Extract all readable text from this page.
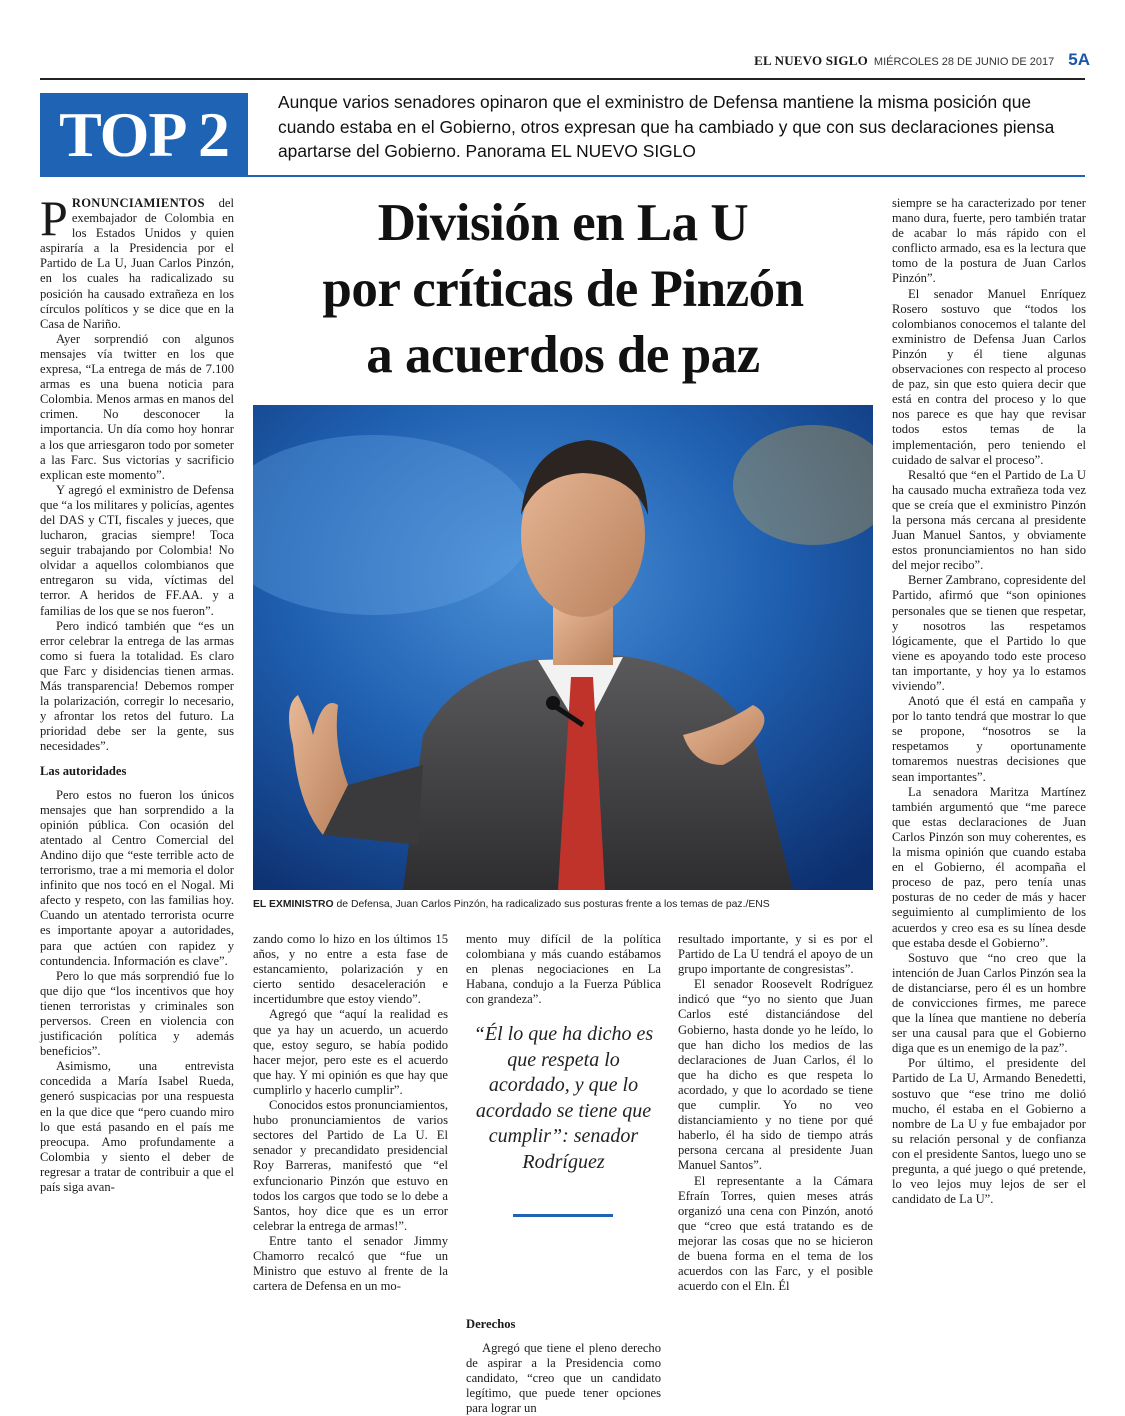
EL NUEVO SIGLO MIÉRCOLES 28 DE JUNIO DE 2017 5A
TOP 2	Aunque varios senadores opinaron que el exministro de Defensa mantiene la misma posición que cuando estaba en el Gobierno, otros expresan que ha cambiado y que con sus declaraciones piensa apartarse del Gobierno. Panorama EL NUEVO SIGLO

PRONUNCIAMIENTOS del exembajador de Colombia en los Estados Unidos y quien aspiraría a la Presidencia por el Partido de La U, Juan Carlos Pinzón, en los cuales ha radicalizado su posición ha causado extrañeza en los círculos políticos y se dice que en la Casa de Nariño.

Ayer sorprendió con algunos mensajes vía twitter en los que expresa, “La entrega de más de 7.100 armas es una buena noticia para Colombia. Menos armas en manos del crimen. No desconocer la importancia. Un día como hoy honrar a los que arriesgaron todo por someter a las Farc. Sus victorias y sacrificio explican este momento”.

Y agregó el exministro de Defensa que “a los militares y policías, agentes del DAS y CTI, fiscales y jueces, que lucharon, gracias siempre! Toca seguir trabajando por Colombia! No olvidar a aquellos colombianos que entregaron su vida, víctimas del terror. A heridos de FF.AA. y a familias de los que se nos fueron”.

Pero indicó también que “es un error celebrar la entrega de las armas como si fuera la totalidad. Es claro que Farc y disidencias tienen armas. Más transparencia! Debemos romper la polarización, corregir lo necesario, y afrontar los retos del futuro. La prioridad debe ser la gente, sus necesidades”.

Las autoridades

Pero estos no fueron los únicos mensajes que han sorprendido a la opinión pública. Con ocasión del atentado al Centro Comercial del Andino dijo que “este terrible acto de terrorismo, trae a mi memoria el dolor infinito que nos tocó en el Nogal. Mi afecto y respeto, con las familias hoy. Cuando un atentado terrorista ocurre es importante apoyar a autoridades, para que actúen con rapidez y contundencia. Información es clave”.

Pero lo que más sorprendió fue lo que dijo que “los incentivos que hoy tienen terroristas y criminales son perversos. Creen en violencia con justificación política y además beneficios”.

Asimismo, una entrevista concedida a María Isabel Rueda, generó suspicacias por una respuesta en la que dice que “pero cuando miro lo que está pasando en el país me preocupa. Amo profundamente a Colombia y siento el deber de regresar a tratar de contribuir a que el país siga avan-

División en La U
por críticas de Pinzón
a acuerdos de paz
EL EXMINISTRO de Defensa, Juan Carlos Pinzón, ha radicalizado sus posturas frente a los temas de paz./ENS

zando como lo hizo en los últimos 15 años, y no entre a esta fase de estancamiento, polarización y en cierto sentido desaceleración e incertidumbre que estoy viendo”.

Agregó que “aquí la realidad es que ya hay un acuerdo, un acuerdo que, estoy seguro, se había podido hacer mejor, pero este es el acuerdo que hay. Y mi opinión es que hay que cumplirlo y hacerlo cumplir”.

Conocidos estos pronunciamientos, hubo pronunciamientos de varios sectores del Partido de La U. El senador y precandidato presidencial Roy Barreras, manifestó que “el exfuncionario Pinzón que estuvo en todos los cargos que todo se lo debe a Santos, hoy dice que es un error celebrar la entrega de armas!”.

Entre tanto el senador Jimmy Chamorro recalcó que “fue un Ministro que estuvo al frente de la cartera de Defensa en un mo-

mento muy difícil de la política colombiana y más cuando estábamos en plenas negociaciones en La Habana, condujo a la Fuerza Pública con grandeza”.

Derechos

Agregó que tiene el pleno derecho de aspirar a la Presidencia como candidato, “creo que un candidato legítimo, que puede tener opciones para lograr un

“Él lo que ha dicho es que respeta lo acordado, y que lo acordado se tiene que cumplir”: senador Rodríguez

resultado importante, y si es por el Partido de La U tendrá el apoyo de un grupo importante de congresistas”.

El senador Roosevelt Rodríguez indicó que “yo no siento que Juan Carlos esté distanciándose del Gobierno, hasta donde yo he leído, lo que han dicho los medios de las declaraciones de Juan Carlos, él lo que ha dicho es que respeta lo acordado, y que lo acordado se tiene que cumplir. Yo no veo distanciamiento y no tiene por qué haberlo, él ha sido de tiempo atrás persona cercana al presidente Juan Manuel Santos”.

El representante a la Cámara Efraín Torres, quien meses atrás organizó una cena con Pinzón, anotó que “creo que está tratando es de mejorar las cosas que no se hicieron de buena forma en el tema de los acuerdos con las Farc, y el posible acuerdo con el Eln. Él

siempre se ha caracterizado por tener mano dura, fuerte, pero también tratar de acabar lo más rápido con el conflicto armado, esa es la lectura que tomo de la postura de Juan Carlos Pinzón”.

El senador Manuel Enríquez Rosero sostuvo que “todos los colombianos conocemos el talante del exministro de Defensa Juan Carlos Pinzón y él tiene algunas observaciones con respecto al proceso de paz, sin que esto quiera decir que está en contra del proceso y lo que nos parece es que hay que revisar todos estos temas de la implementación, pero teniendo el cuidado de salvar el proceso”.

Resaltó que “en el Partido de La U ha causado mucha extrañeza toda vez que se creía que el exministro Pinzón la persona más cercana al presidente Juan Manuel Santos, y obviamente estos pronunciamientos no han sido del mejor recibo”.

Berner Zambrano, copresidente del Partido, afirmó que “son opiniones personales que se tienen que respetar, y nosotros las respetamos lógicamente, que el Partido lo que viene es apoyando todo este proceso tan importante, y hoy ya lo estamos viviendo”.

Anotó que él está en campaña y por lo tanto tendrá que mostrar lo que se propone, “nosotros se la respetamos y oportunamente tomaremos nuestras decisiones que sean importantes”.

La senadora Maritza Martínez también argumentó que “me parece que estas declaraciones de Juan Carlos Pinzón son muy coherentes, es la misma opinión que cuando estaba en el Gobierno, él acompaña el proceso de paz, pero tenía unas posturas de no ceder de más y hacer seguimiento al cumplimiento de los acuerdos y creo esa es su línea desde que estaba desde el Gobierno”.

Sostuvo que “no creo que la intención de Juan Carlos Pinzón sea la de distanciarse, pero él es un hombre de convicciones firmes, me parece que la línea que mantiene no debería ser una causal para que el Gobierno diga que es un enemigo de la paz”.

Por último, el presidente del Partido de La U, Armando Benedetti, sostuvo que “ese trino me dolió mucho, él estaba en el Gobierno a nombre de La U y fue embajador por su relación personal y de confianza con el presidente Santos, luego uno se pregunta, a qué juego o qué pretende, lo veo lejos muy lejos de ser el candidato de La U”.
